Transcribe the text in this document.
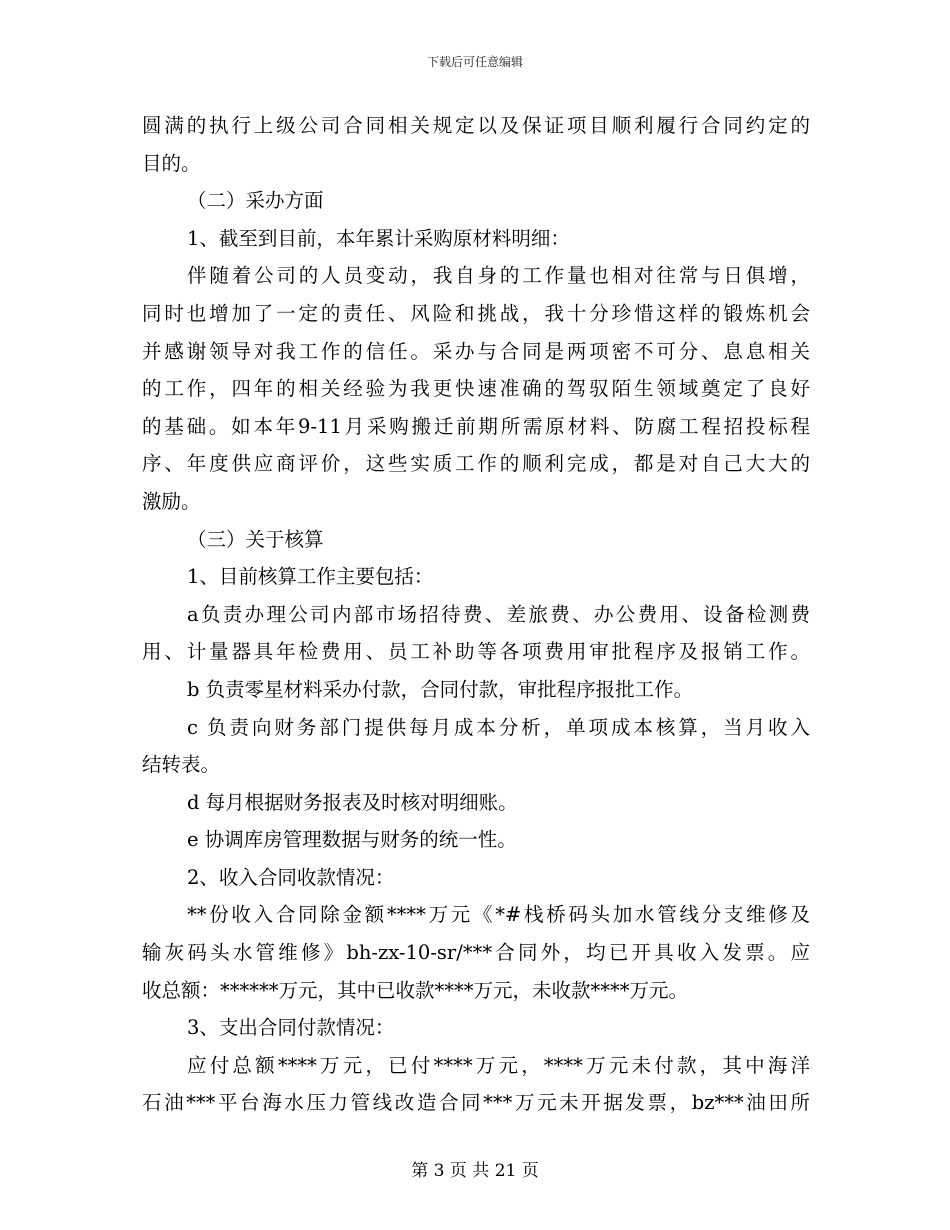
下载后可任意编辑
圆满的执行上级公司合同相关规定以及保证项目顺利履行合同约定的
目的。
（二）采办方面
1、截至到目前，本年累计采购原材料明细：
伴随着公司的人员变动，我自身的工作量也相对往常与日俱增，
同时也增加了一定的责任、风险和挑战，我十分珍惜这样的锻炼机会
并感谢领导对我工作的信任。采办与合同是两项密不可分、息息相关
的工作，四年的相关经验为我更快速准确的驾驭陌生领域奠定了良好
的基础。如本年9-11月采购搬迁前期所需原材料、防腐工程招投标程
序、年度供应商评价，这些实质工作的顺利完成，都是对自己大大的
激励。
（三）关于核算
1、目前核算工作主要包括：
a负责办理公司内部市场招待费、差旅费、办公费用、设备检测费
用、计量器具年检费用、员工补助等各项费用审批程序及报销工作。
b 负责零星材料采办付款，合同付款，审批程序报批工作。
c 负责向财务部门提供每月成本分析，单项成本核算，当月收入
结转表。
d 每月根据财务报表及时核对明细账。
e 协调库房管理数据与财务的统一性。
2、收入合同收款情况：
**份收入合同除金额****万元《*#栈桥码头加水管线分支维修及
输灰码头水管维修》bh-zx-10-sr/***合同外，均已开具收入发票。应
收总额：******万元，其中已收款****万元，未收款****万元。
3、支出合同付款情况：
应付总额****万元，已付****万元，****万元未付款，其中海洋
石油***平台海水压力管线改造合同***万元未开据发票，bz***油田所
第 3 页 共 21 页
